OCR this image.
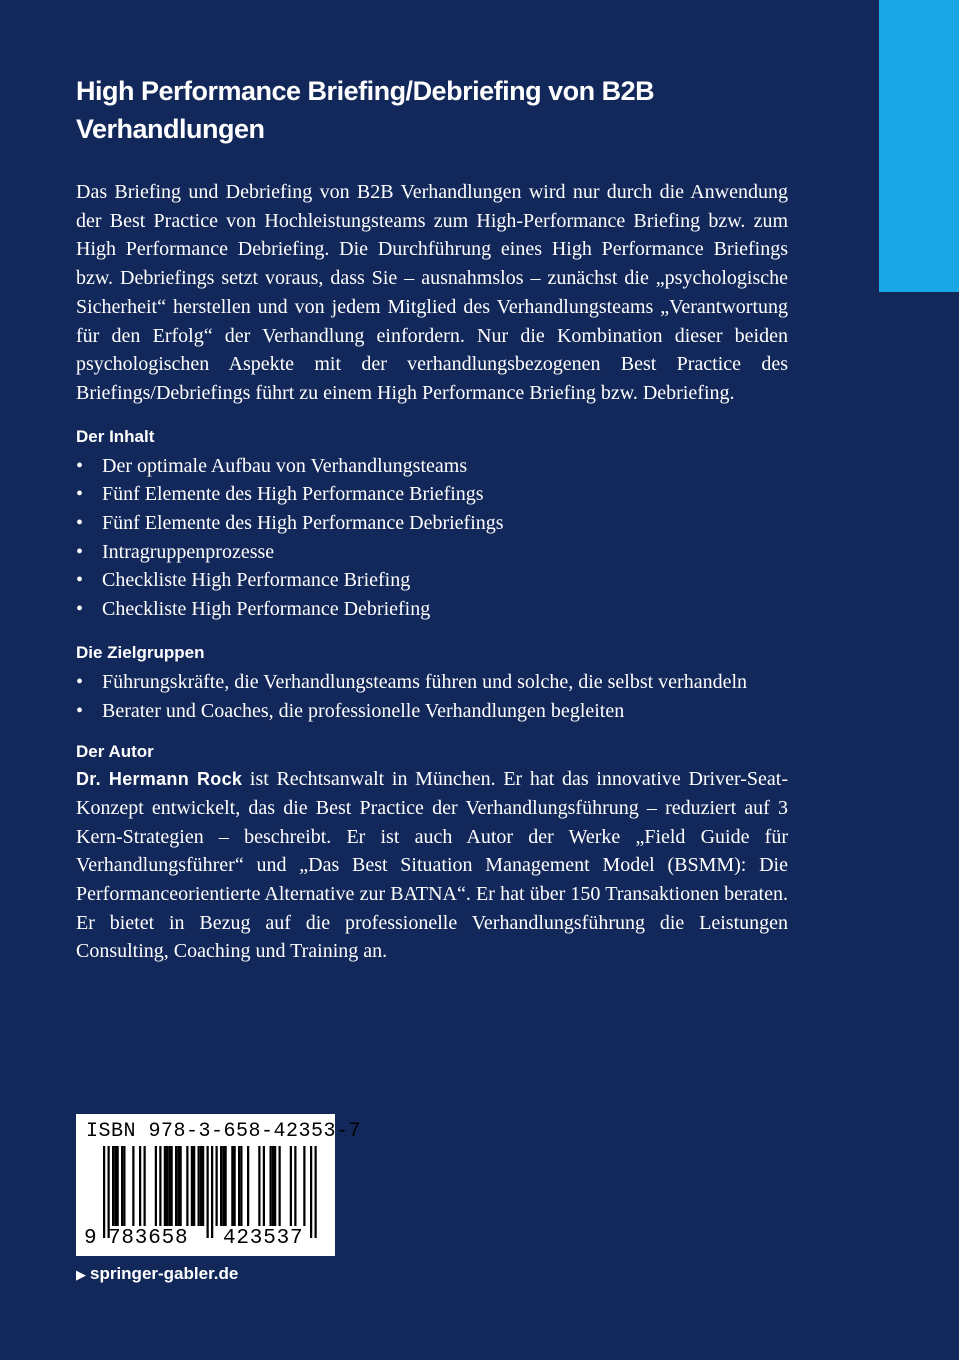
High Performance Briefing/Debriefing von B2B Verhandlungen

Das Briefing und Debriefing von B2B Verhandlungen wird nur durch die Anwendung der Best Practice von Hochleistungsteams zum High-Performance Briefing bzw. zum High Performance Debriefing. Die Durchführung eines High Performance Briefings bzw. Debriefings setzt voraus, dass Sie – ausnahmslos – zunächst die „psychologische Sicherheit“ herstellen und von jedem Mitglied des Verhandlungsteams „Verantwortung für den Erfolg“ der Verhandlung einfordern. Nur die Kombination dieser beiden psychologischen Aspekte mit der verhandlungsbezogenen Best Practice des Briefings/Debriefings führt zu einem High Performance Briefing bzw. Debriefing.

Der Inhalt
• Der optimale Aufbau von Verhandlungsteams
• Fünf Elemente des High Performance Briefings
• Fünf Elemente des High Performance Debriefings
• Intragruppenprozesse
• Checkliste High Performance Briefing
• Checkliste High Performance Debriefing
Die Zielgruppen
• Führungskräfte, die Verhandlungsteams führen und solche, die selbst verhandeln
• Berater und Coaches, die professionelle Verhandlungen begleiten
Der Autor

Dr. Hermann Rock ist Rechtsanwalt in München. Er hat das innovative Driver-Seat-Konzept entwickelt, das die Best Practice der Verhandlungsführung – reduziert auf 3 Kern-Strategien – beschreibt. Er ist auch Autor der Werke „Field Guide für Verhandlungsführer“ und „Das Best Situation Management Model (BSMM): Die Performanceorientierte Alternative zur BATNA“. Er hat über 150 Transaktionen beraten. Er bietet in Bezug auf die professionelle Verhandlungsführung die Leistungen Consulting, Coaching und Training an.

ISBN 978-3-658-42353-7
9 783658 423537
▶ springer-gabler.de
